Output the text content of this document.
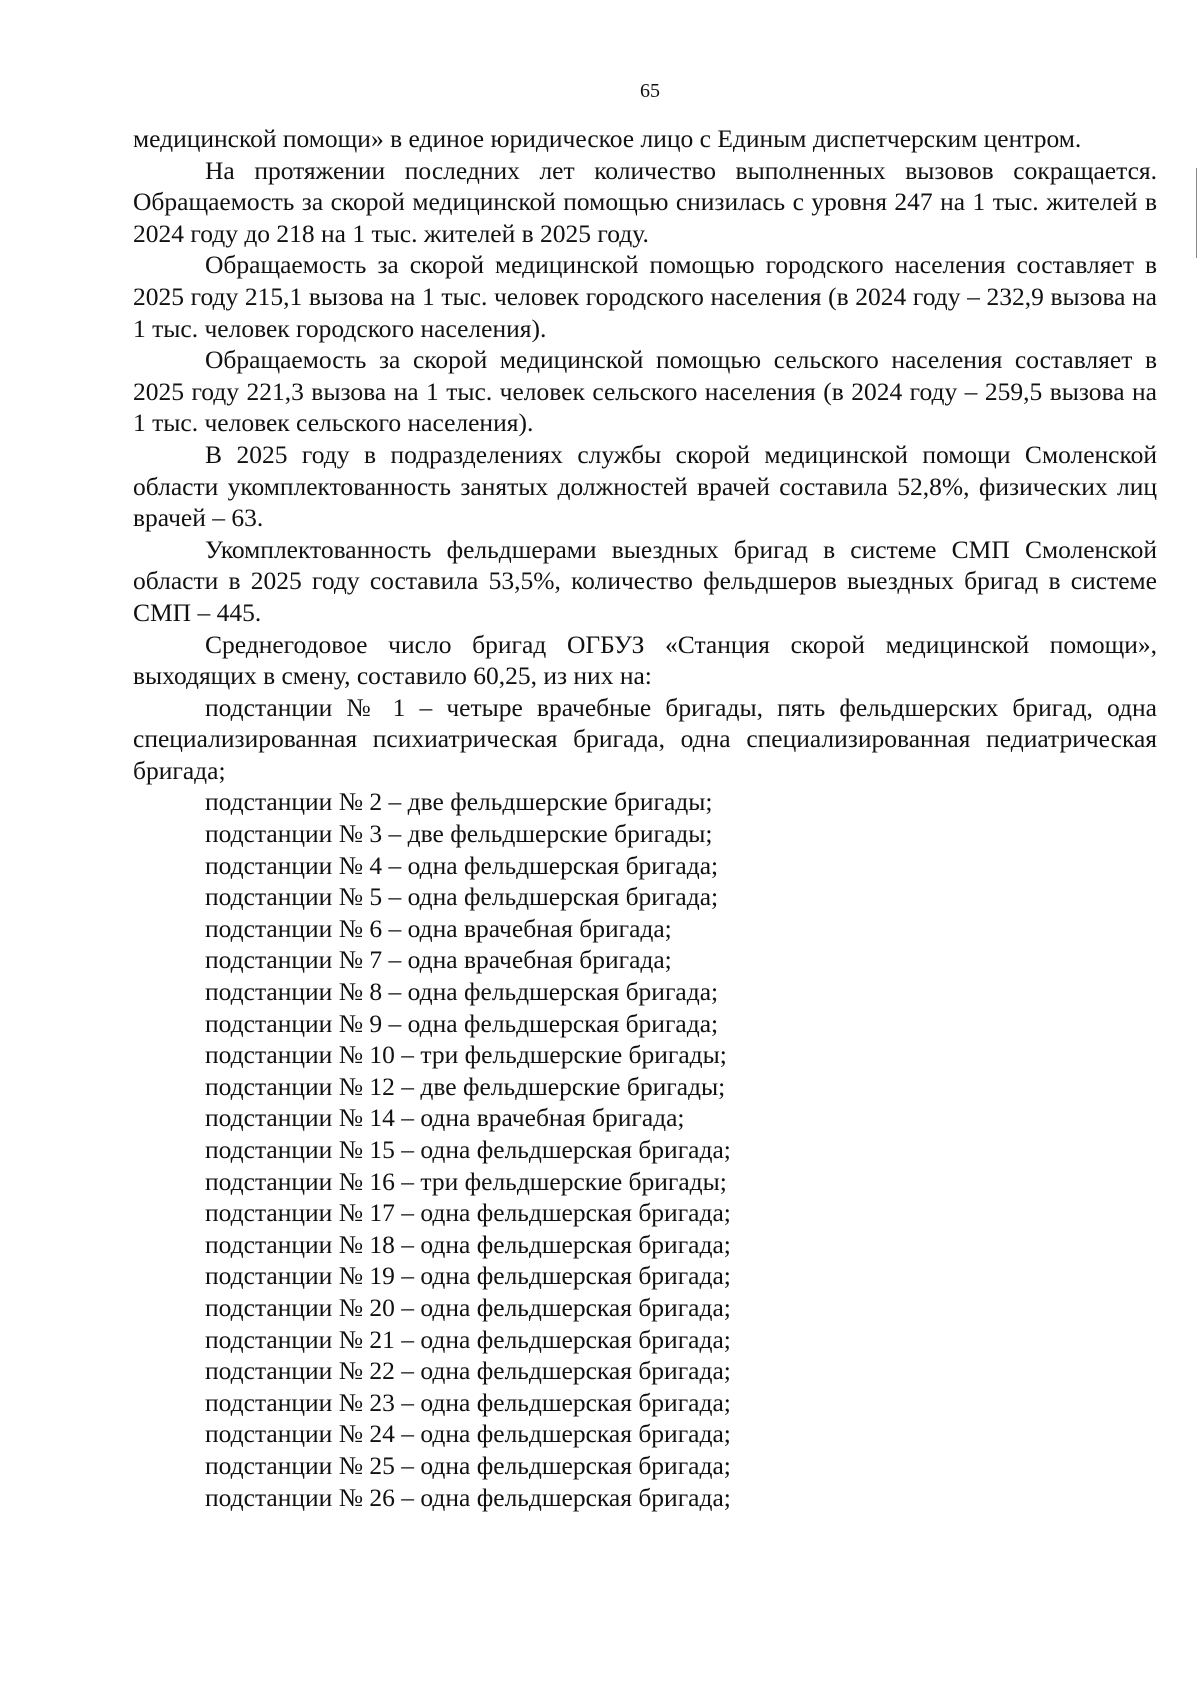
65

медицинской помощи» в единое юридическое лицо с Единым диспетчерским центром.

На протяжении последних лет количество выполненных вызовов сокращается. Обращаемость за скорой медицинской помощью снизилась с уровня 247 на 1 тыс. жителей в 2024 году до 218 на 1 тыс. жителей в 2025 году.

Обращаемость за скорой медицинской помощью городского населения составляет в 2025 году 215,1 вызова на 1 тыс. человек городского населения (в 2024 году – 232,9 вызова на 1 тыс. человек городского населения).

Обращаемость за скорой медицинской помощью сельского населения составляет в 2025 году 221,3 вызова на 1 тыс. человек сельского населения (в 2024 году – 259,5 вызова на 1 тыс. человек сельского населения).

В 2025 году в подразделениях службы скорой медицинской помощи Смоленской области укомплектованность занятых должностей врачей составила 52,8%, физических лиц врачей – 63.

Укомплектованность фельдшерами выездных бригад в системе СМП Смоленской области в 2025 году составила 53,5%, количество фельдшеров выездных бригад в системе СМП – 445.

Среднегодовое число бригад ОГБУЗ «Станция скорой медицинской помощи», выходящих в смену, составило 60,25, из них на:

подстанции № 1 – четыре врачебные бригады, пять фельдшерских бригад, одна специализированная психиатрическая бригада, одна специализированная педиатрическая бригада;

подстанции № 2 – две фельдшерские бригады;

подстанции № 3 – две фельдшерские бригады;

подстанции № 4 – одна фельдшерская бригада;

подстанции № 5 – одна фельдшерская бригада;

подстанции № 6 – одна врачебная бригада;

подстанции № 7 – одна врачебная бригада;

подстанции № 8 – одна фельдшерская бригада;

подстанции № 9 – одна фельдшерская бригада;

подстанции № 10 – три фельдшерские бригады;

подстанции № 12 – две фельдшерские бригады;

подстанции № 14 – одна врачебная бригада;

подстанции № 15 – одна фельдшерская бригада;

подстанции № 16 – три фельдшерские бригады;

подстанции № 17 – одна фельдшерская бригада;

подстанции № 18 – одна фельдшерская бригада;

подстанции № 19 – одна фельдшерская бригада;

подстанции № 20 – одна фельдшерская бригада;

подстанции № 21 – одна фельдшерская бригада;

подстанции № 22 – одна фельдшерская бригада;

подстанции № 23 – одна фельдшерская бригада;

подстанции № 24 – одна фельдшерская бригада;

подстанции № 25 – одна фельдшерская бригада;

подстанции № 26 – одна фельдшерская бригада;
